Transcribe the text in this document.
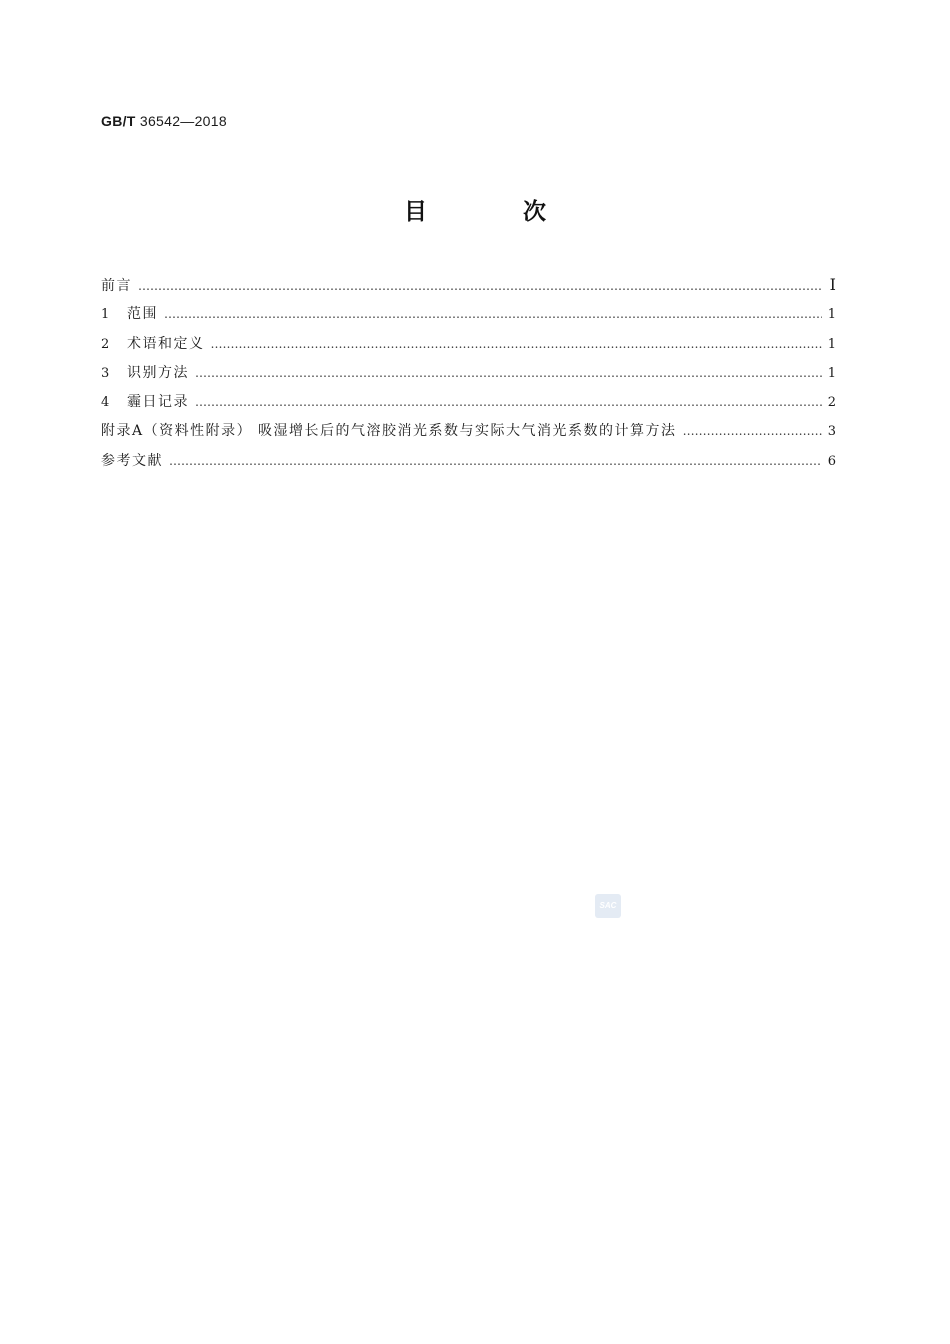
GB/T 36542—2018
目 次
前言 …………………………………………………………………………………………………………………………………………………………………………………………	Ⅰ
1	范围 …………………………………………………………………………………………………………………………………………………………………………………………	1
2	术语和定义 …………………………………………………………………………………………………………………………………………………………………………………………	1
3	识别方法 …………………………………………………………………………………………………………………………………………………………………………………………	1
4	霾日记录 …………………………………………………………………………………………………………………………………………………………………………………………	2
附录A（资料性附录） 吸湿增长后的气溶胶消光系数与实际大气消光系数的计算方法 …………………………………………………………………………………………………………………………………………………………………………………………	3
参考文献 …………………………………………………………………………………………………………………………………………………………………………………………	6
SAC
